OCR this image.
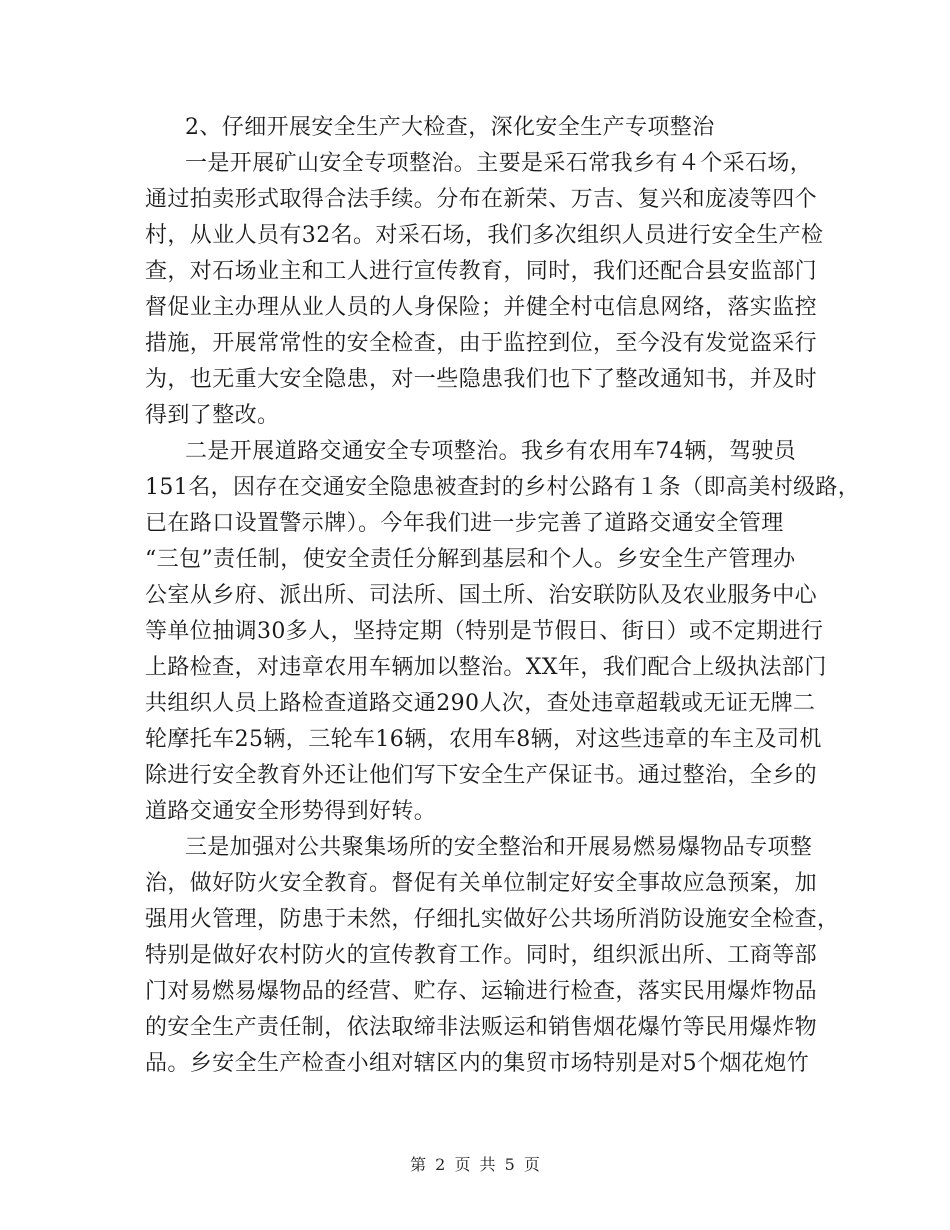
2、仔细开展安全生产大检查，深化安全生产专项整治
一是开展矿山安全专项整治。主要是采石常我乡有４个采石场，
通过拍卖形式取得合法手续。分布在新荣、万吉、复兴和庞凌等四个
村，从业人员有32名。对采石场，我们多次组织人员进行安全生产检
查，对石场业主和工人进行宣传教育，同时，我们还配合县安监部门
督促业主办理从业人员的人身保险；并健全村屯信息网络，落实监控
措施，开展常常性的安全检查，由于监控到位，至今没有发觉盗采行
为，也无重大安全隐患，对一些隐患我们也下了整改通知书，并及时
得到了整改。
二是开展道路交通安全专项整治。我乡有农用车74辆，驾驶员
151名，因存在交通安全隐患被查封的乡村公路有１条（即高美村级路，
已在路口设置警示牌）。今年我们进一步完善了道路交通安全管理
“三包”责任制，使安全责任分解到基层和个人。乡安全生产管理办
公室从乡府、派出所、司法所、国土所、治安联防队及农业服务中心
等单位抽调30多人，坚持定期（特别是节假日、街日）或不定期进行
上路检查，对违章农用车辆加以整治。XX年，我们配合上级执法部门
共组织人员上路检查道路交通290人次，查处违章超载或无证无牌二
轮摩托车25辆，三轮车16辆，农用车8辆，对这些违章的车主及司机
除进行安全教育外还让他们写下安全生产保证书。通过整治，全乡的
道路交通安全形势得到好转。
三是加强对公共聚集场所的安全整治和开展易燃易爆物品专项整
治，做好防火安全教育。督促有关单位制定好安全事故应急预案，加
强用火管理，防患于未然，仔细扎实做好公共场所消防设施安全检查，
特别是做好农村防火的宣传教育工作。同时，组织派出所、工商等部
门对易燃易爆物品的经营、贮存、运输进行检查，落实民用爆炸物品
的安全生产责任制，依法取缔非法贩运和销售烟花爆竹等民用爆炸物
品。乡安全生产检查小组对辖区内的集贸市场特别是对5个烟花炮竹
第 2 页 共 5 页
